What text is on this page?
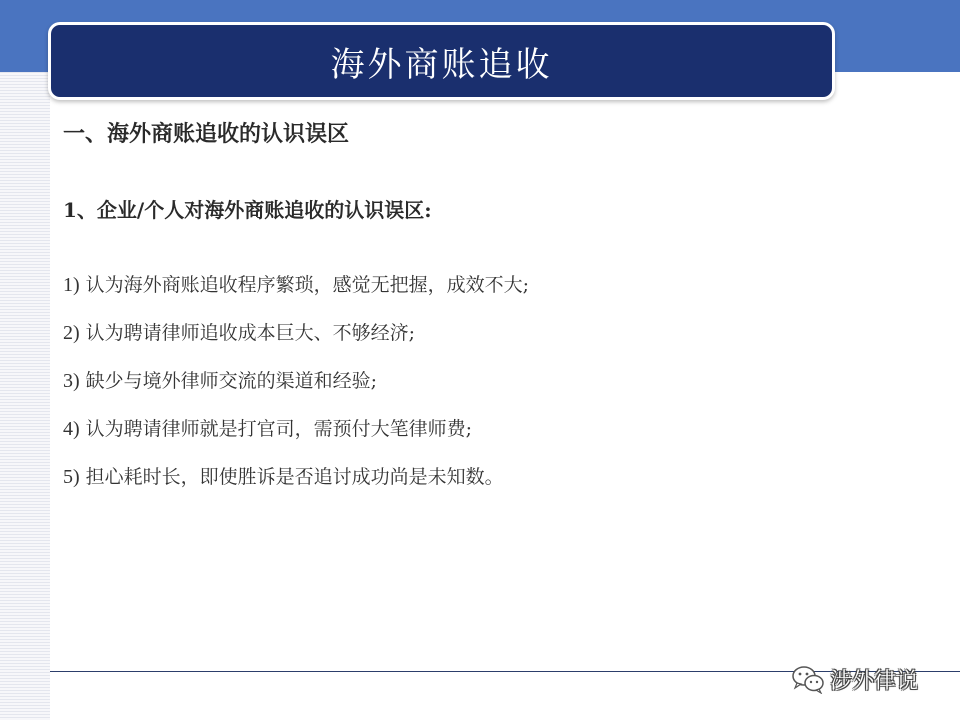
海外商账追收
一、海外商账追收的认识误区
1、企业/个人对海外商账追收的认识误区:
1) 认为海外商账追收程序繁琐，感觉无把握，成效不大;
2) 认为聘请律师追收成本巨大、不够经济;
3) 缺少与境外律师交流的渠道和经验;
4) 认为聘请律师就是打官司，需预付大笔律师费;
5) 担心耗时长，即使胜诉是否追讨成功尚是未知数。
涉外律说
